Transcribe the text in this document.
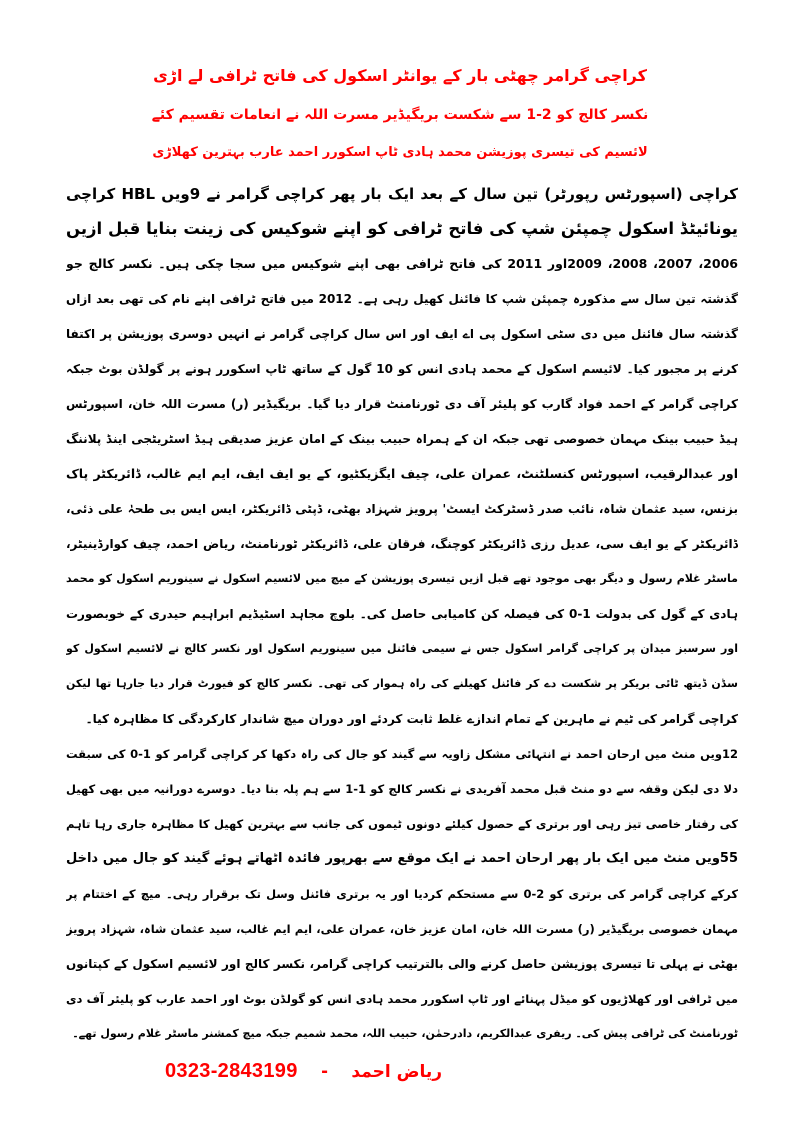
کراچی گرامر چھٹی بار کے یوانٹر اسکول کی فاتح ٹرافی لے اڑی
نکسر کالج کو 2-1 سے شکست بریگیڈیر مسرت اللہ نے انعامات تقسیم کئے
لائسیم کی تیسری پوزیشن محمد ہادی ٹاپ اسکورر احمد عارب بہترین کھلاڑی
کراچی (اسپورٹس رپورٹر) تین سال کے بعد ایک بار پھر کراچی گرامر نے 9ویں HBL کراچی
یونائیٹڈ اسکول چمپئن شپ کی فاتح ٹرافی کو اپنے شوکیس کی زینت بنایا قبل ازیں
2006، 2007، 2008، 2009اور 2011 کی فاتح ٹرافی بھی اپنے شوکیس میں سجا چکی ہیں۔ نکسر کالج جو
گذشتہ تین سال سے مذکورہ چمپئن شپ کا فائنل کھیل رہی ہے۔ 2012 میں فاتح ٹرافی اپنے نام کی تھی بعد ازاں
گذشتہ سال فائنل میں دی سٹی اسکول پی اے ایف اور اس سال کراچی گرامر نے انہیں دوسری پوزیشن پر اکتفا
کرنے پر مجبور کیا۔ لائیسم اسکول کے محمد ہادی انس کو 10 گول کے ساتھ ٹاپ اسکورر ہونے پر گولڈن بوٹ جبکہ
کراچی گرامر کے احمد فواد گارب کو پلیئر آف دی ٹورنامنٹ قرار دیا گیا۔ بریگیڈیر (ر) مسرت اللہ خان، اسپورٹس
ہیڈ حبیب بینک مہمان خصوصی تھی جبکہ ان کے ہمراہ حبیب بینک کے امان عزیز صدیقی ہیڈ اسٹریٹجی اینڈ پلاننگ
اور عبدالرقیب، اسپورٹس کنسلٹنٹ، عمران علی، چیف ایگزیکٹیو، کے یو ایف ایف، ایم ایم غالب، ڈائریکٹر پاک
بزنس، سید عثمان شاہ، نائب صدر ڈسٹرکٹ ایسٹ' پرویز شہزاد بھٹی، ڈپٹی ڈائریکٹر، ایس ایس بی طحہٰ علی ذئی،
ڈائریکٹر کے یو ایف سی، عدیل رزی ڈائریکٹر کوچنگ، فرقان علی، ڈائریکٹر ٹورنامنٹ، ریاض احمد، چیف کوارڈینیٹر،
ماسٹر غلام رسول و دیگر بھی موجود تھے قبل ازیں تیسری پوزیشن کے میچ میں لائسیم اسکول نے سینوریم اسکول کو محمد
ہادی کے گول کی بدولت 1-0 کی فیصلہ کن کامیابی حاصل کی۔ بلوچ مجاہد اسٹیڈیم ابراہیم حیدری کے خوبصورت
اور سرسبز میدان پر کراچی گرامر اسکول جس نے سیمی فائنل میں سینوریم اسکول اور نکسر کالج نے لائسیم اسکول کو
سڈن ڈیتھ ٹائی بریکر پر شکست دے کر فائنل کھیلنے کی راہ ہموار کی تھی۔ نکسر کالج کو فیورٹ قرار دیا جارہا تھا لیکن
کراچی گرامر کی ٹیم نے ماہرین کے تمام اندازے غلط ثابت کردئے اور دوران میچ شاندار کارکردگی کا مظاہرہ کیا۔
12ویں منٹ میں ارحان احمد نے انتہائی مشکل زاویہ سے گیند کو جال کی راہ دکھا کر کراچی گرامر کو 1-0 کی سبقت
دلا دی لیکن وقفہ سے دو منٹ قبل محمد آفریدی نے نکسر کالج کو 1-1 سے ہم پلہ بنا دیا۔ دوسرے دورانیہ میں بھی کھیل
کی رفتار خاصی تیز رہی اور برتری کے حصول کیلئے دونوں ٹیموں کی جانب سے بہترین کھیل کا مظاہرہ جاری رہا تاہم
55ویں منٹ میں ایک بار پھر ارحان احمد نے ایک موقع سے بھرپور فائدہ اٹھاتے ہوئے گیند کو جال میں داخل
کرکے کراچی گرامر کی برتری کو 2-0 سے مستحکم کردیا اور یہ برتری فائنل وسل تک برقرار رہی۔ میچ کے اختتام پر
مہمان خصوصی بریگیڈیر (ر) مسرت اللہ خان، امان عزیز خان، عمران علی، ایم ایم غالب، سید عثمان شاہ، شہزاد پرویز
بھٹی نے پہلی تا تیسری پوزیشن حاصل کرنے والی بالترتیب کراچی گرامر، نکسر کالج اور لائسیم اسکول کے کپتانوں
میں ٹرافی اور کھلاڑیوں کو میڈل پہنائے اور ٹاپ اسکورر محمد ہادی انس کو گولڈن بوٹ اور احمد عارب کو پلیئر آف دی
ٹورنامنٹ کی ٹرافی پیش کی۔ ریفری عبدالکریم، دادرحمٰن، حبیب اللہ، محمد شمیم جبکہ میچ کمشنر ماسٹر غلام رسول تھے۔
0323-2843199 - ریاض احمد
